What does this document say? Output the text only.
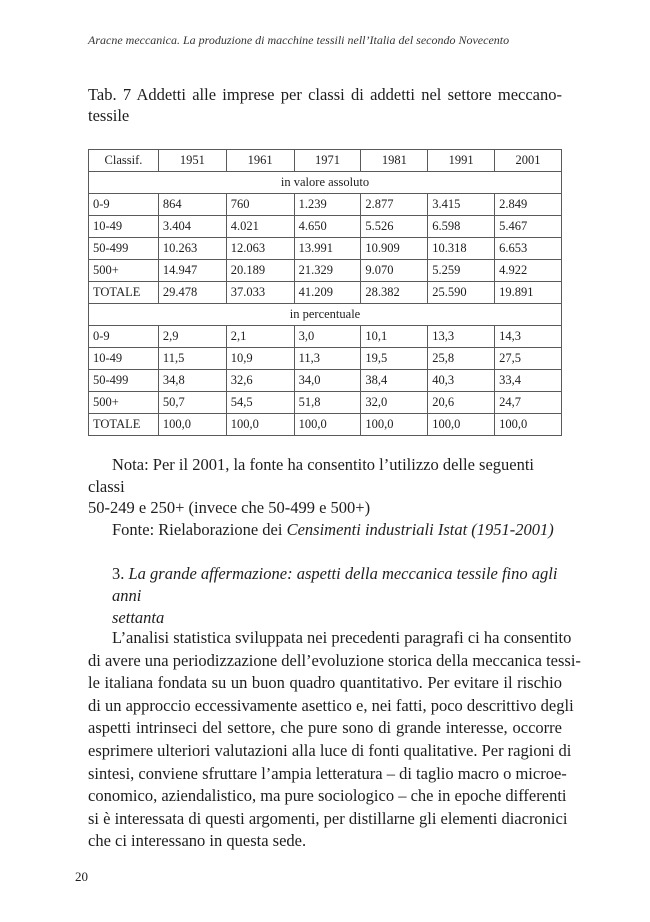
Aracne meccanica. La produzione di macchine tessili nell’Italia del secondo Novecento
Tab. 7 Addetti alle imprese per classi di addetti nel settore meccano-
tessile
Classif.	1951	1961	1971	1981	1991	2001
in valore assoluto						
0-9	864	760	1.239	2.877	3.415	2.849
10-49	3.404	4.021	4.650	5.526	6.598	5.467
50-499	10.263	12.063	13.991	10.909	10.318	6.653
500+	14.947	20.189	21.329	9.070	5.259	4.922
TOTALE	29.478	37.033	41.209	28.382	25.590	19.891
in percentuale						
0-9	2,9	2,1	3,0	10,1	13,3	14,3
10-49	11,5	10,9	11,3	19,5	25,8	27,5
50-499	34,8	32,6	34,0	38,4	40,3	33,4
500+	50,7	54,5	51,8	32,0	20,6	24,7
TOTALE	100,0	100,0	100,0	100,0	100,0	100,0

Nota: Per il 2001, la fonte ha consentito l’utilizzo delle seguenti classi

50-249 e 250+ (invece che 50-499 e 500+)

Fonte: Rielaborazione dei Censimenti industriali Istat (1951-2001)

3. La grande affermazione: aspetti della meccanica tessile fino agli anni
settanta
L’analisi statistica sviluppata nei precedenti paragrafi ci ha consentito
di avere una periodizzazione dell’evoluzione storica della meccanica tessi-
le italiana fondata su un buon quadro quantitativo. Per evitare il rischio
di un approccio eccessivamente asettico e, nei fatti, poco descrittivo degli
aspetti intrinseci del settore, che pure sono di grande interesse, occorre
esprimere ulteriori valutazioni alla luce di fonti qualitative. Per ragioni di
sintesi, conviene sfruttare l’ampia letteratura – di taglio macro o microe-
conomico, aziendalistico, ma pure sociologico – che in epoche differenti
si è interessata di questi argomenti, per distillarne gli elementi diacronici
che ci interessano in questa sede.
20
